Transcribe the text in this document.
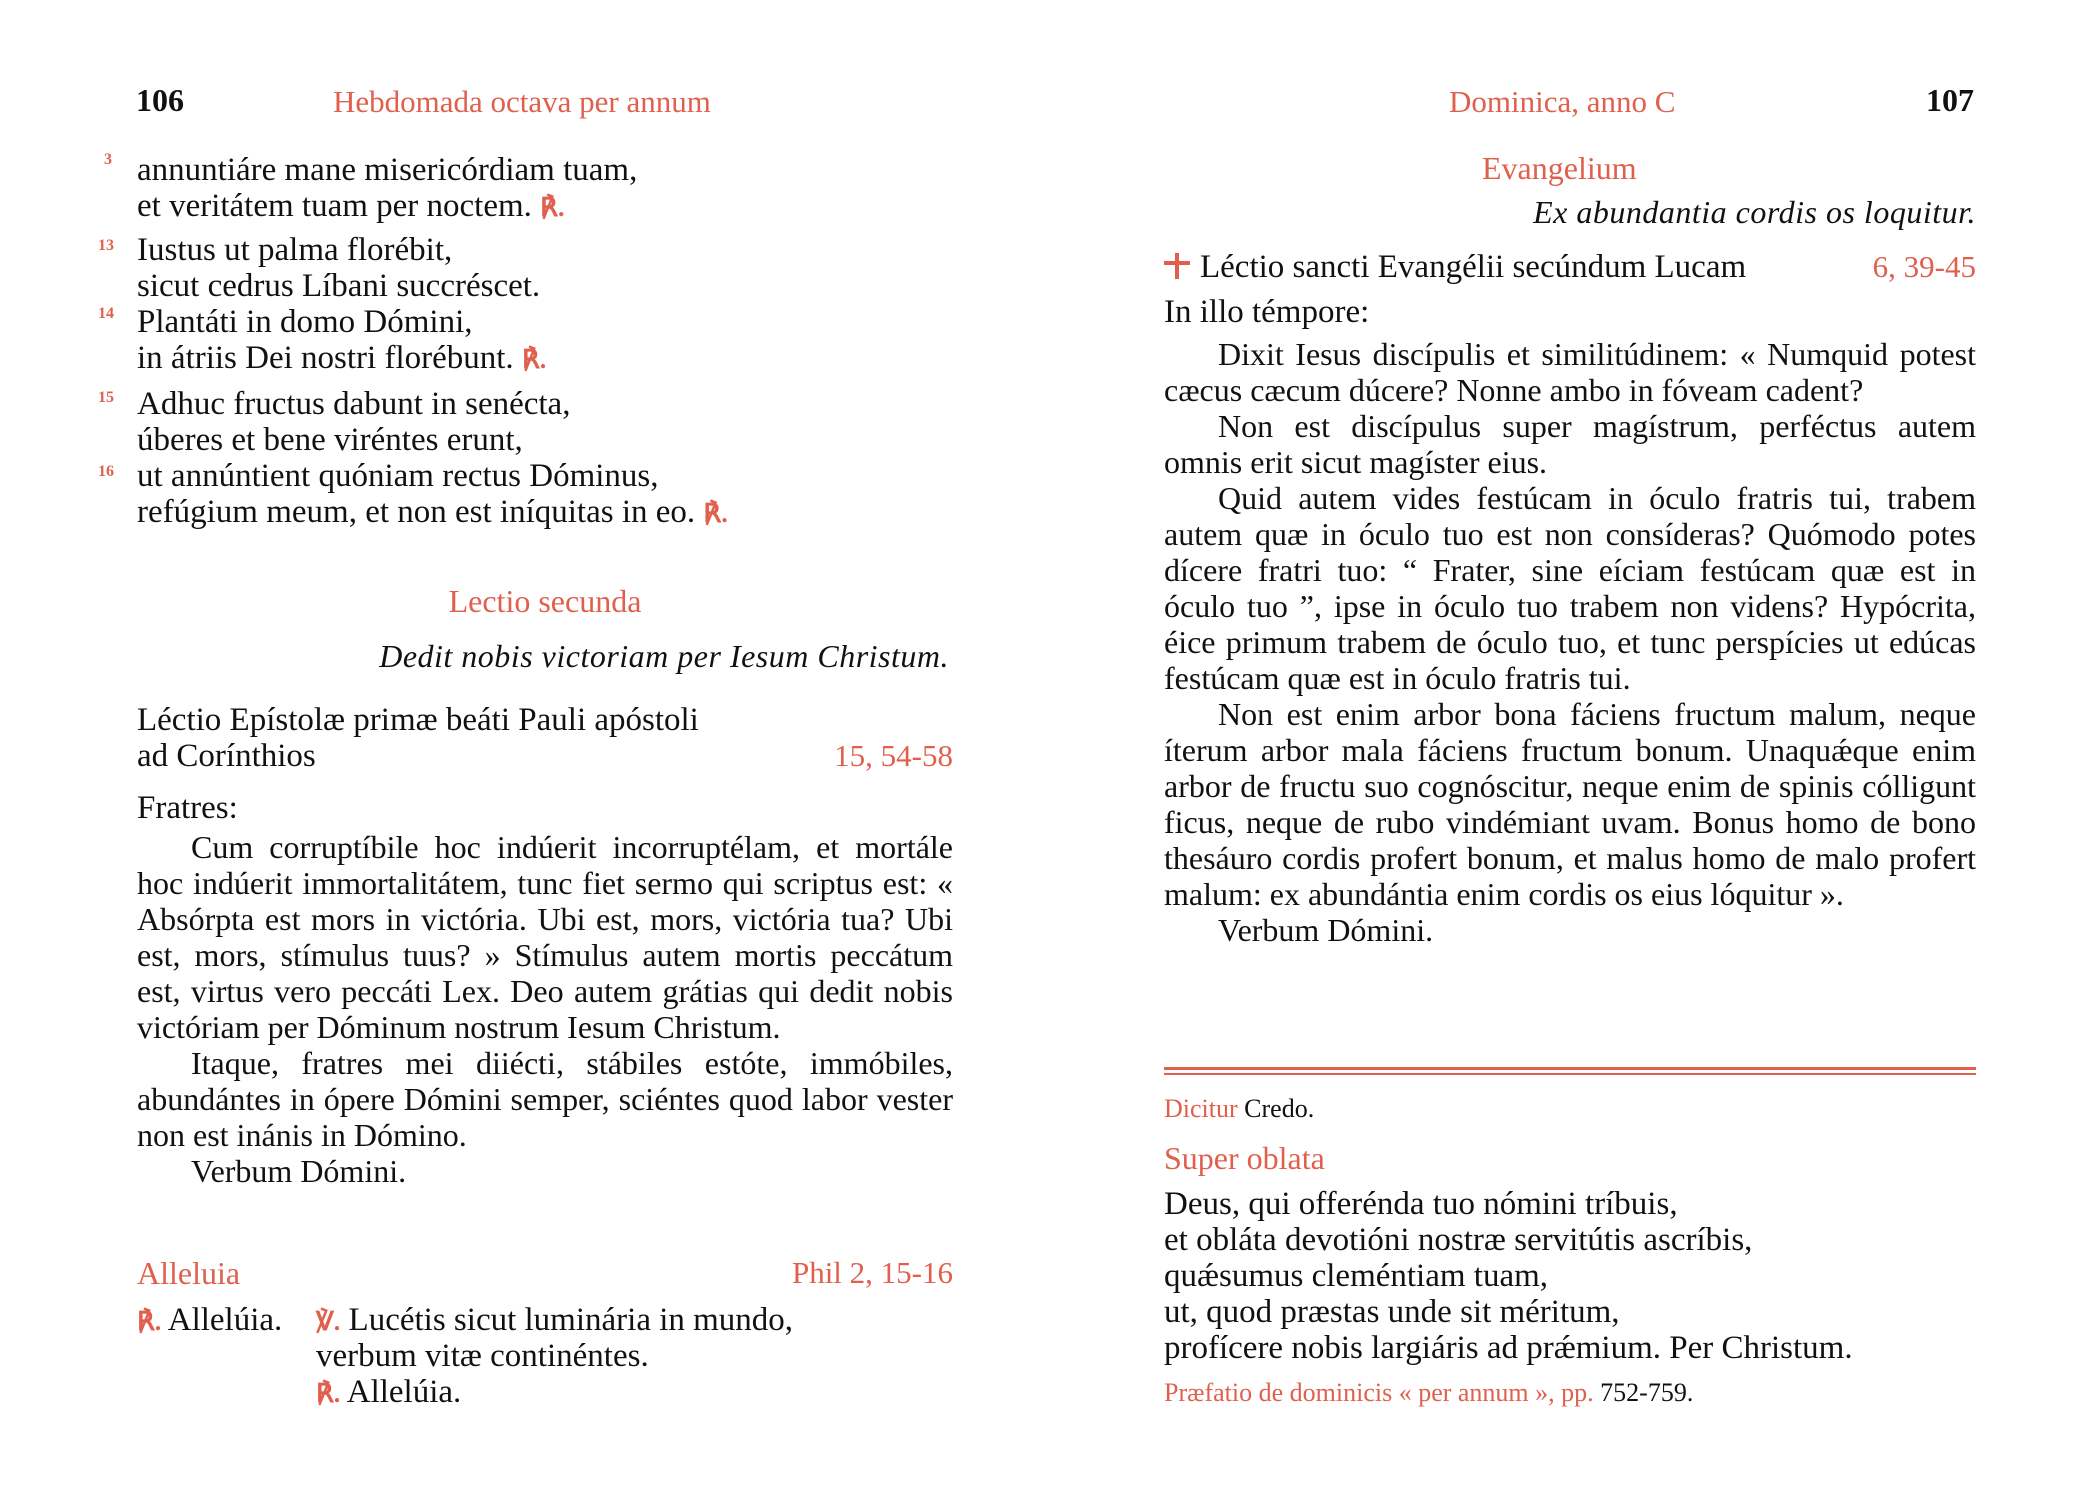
106	Hebdomada octava per annum
3 annuntiáre mane misericórdiam tuam,
et veritátem tuam per noctem. ℟.
13 Iustus ut palma florébit,
sicut cedrus Líbani succréscet.
14 Plantáti in domo Dómini,
in átriis Dei nostri florébunt. ℟.
15 Adhuc fructus dabunt in senécta,
úberes et bene viréntes erunt,
16 ut annúntient quóniam rectus Dóminus,
refúgium meum, et non est iníquitas in eo. ℟.
Lectio secunda
Dedit nobis victoriam per Iesum Christum.
Léctio Epístolæ primæ beáti Pauli apóstoli
ad Corínthios	15, 54-58
Fratres:

Cum corruptíbile hoc indúerit incorruptélam, et mortále hoc indúerit immortalitátem, tunc fiet sermo qui scriptus est: « Absórpta est mors in victória. Ubi est, mors, victória tua? Ubi est, mors, stímulus tuus? » Stímulus autem mortis peccátum est, virtus vero peccáti Lex. Deo autem grátias qui dedit nobis victóriam per Dóminum nostrum Iesum Christum.

Itaque, fratres mei diiécti, stábiles estóte, immóbiles, abundántes in ópere Dómini semper, sciéntes quod labor vester non est inánis in Dómino.

Verbum Dómini.

Alleluia	Phil 2, 15-16
℟. Allelúia. ℣. Lucétis sicut luminária in mundo,
verbum vitæ continéntes.
℟. Allelúia.
Dominica, anno C	107
Evangelium
Ex abundantia cordis os loquitur.
Léctio sancti Evangélii secúndum Lucam	6, 39-45
In illo témpore:

Dixit Iesus discípulis et similitúdinem: « Numquid potest cæcus cæcum dúcere? Nonne ambo in fóveam cadent?

Non est discípulus super magístrum, perféctus autem omnis erit sicut magíster eius.

Quid autem vides festúcam in óculo fratris tui, trabem autem quæ in óculo tuo est non consíderas? Quómodo potes dícere fratri tuo: “ Frater, sine eíciam festúcam quæ est in óculo tuo ”, ipse in óculo tuo trabem non videns? Hypócrita, éice primum trabem de óculo tuo, et tunc perspícies ut edúcas festúcam quæ est in óculo fratris tui.

Non est enim arbor bona fáciens fructum malum, neque íterum arbor mala fáciens fructum bonum. Unaquǽque enim arbor de fructu suo cognóscitur, neque enim de spinis cólligunt ficus, neque de rubo vindémiant uvam. Bonus homo de bono thesáuro cordis profert bonum, et malus homo de malo profert malum: ex abundántia enim cordis os eius lóquitur ».

Verbum Dómini.

Dicitur Credo.
Super oblata
Deus, qui offerénda tuo nómini tríbuis,
et obláta devotióni nostræ servitútis ascríbis,
quǽsumus cleméntiam tuam,
ut, quod præstas unde sit méritum,
profícere nobis largiáris ad prǽmium. Per Christum.
Præfatio de dominicis « per annum », pp. 752-759.
